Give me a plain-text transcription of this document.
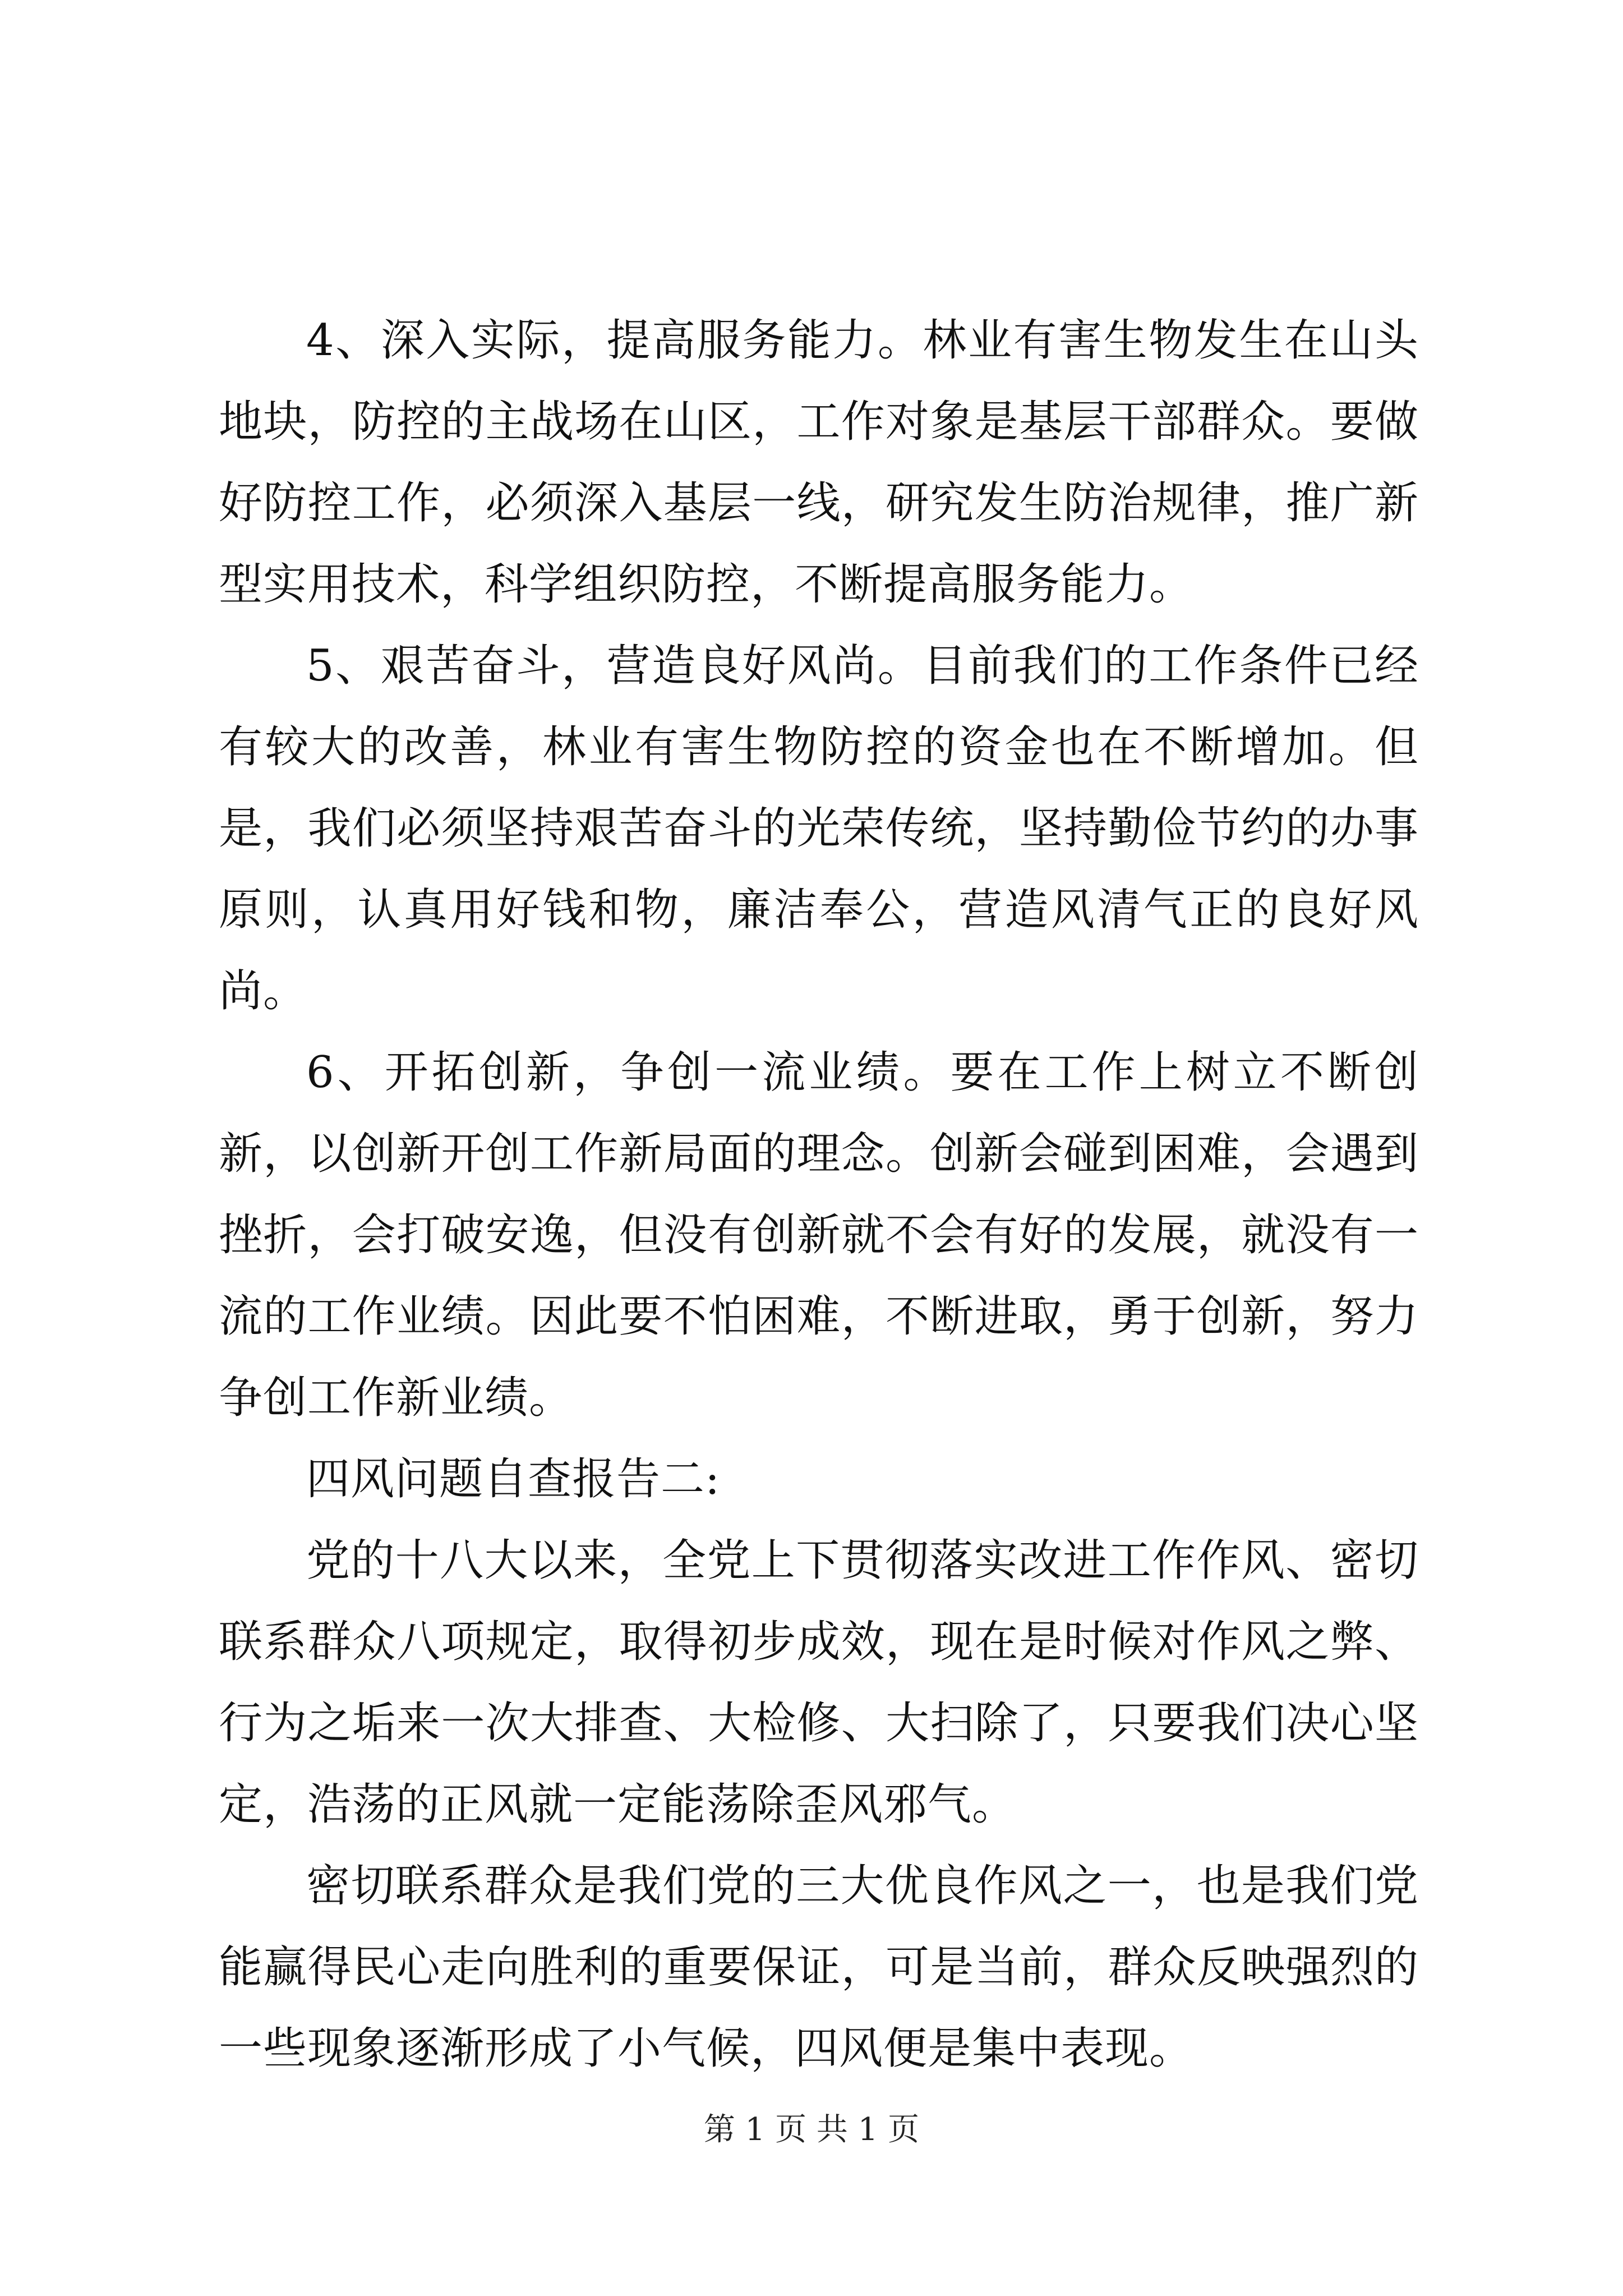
4、深入实际，提高服务能力。林业有害生物发生在山头地块，防控的主战场在山区，工作对象是基层干部群众。要做好防控工作，必须深入基层一线，研究发生防治规律，推广新型实用技术，科学组织防控，不断提高服务能力。

5、艰苦奋斗，营造良好风尚。目前我们的工作条件已经有较大的改善，林业有害生物防控的资金也在不断增加。但是，我们必须坚持艰苦奋斗的光荣传统，坚持勤俭节约的办事原则，认真用好钱和物，廉洁奉公，营造风清气正的良好风尚。

6、开拓创新，争创一流业绩。要在工作上树立不断创新，以创新开创工作新局面的理念。创新会碰到困难，会遇到挫折，会打破安逸，但没有创新就不会有好的发展，就没有一流的工作业绩。因此要不怕困难，不断进取，勇于创新，努力争创工作新业绩。

四风问题自查报告二:

党的十八大以来，全党上下贯彻落实改进工作作风、密切联系群众八项规定，取得初步成效，现在是时候对作风之弊、行为之垢来一次大排查、大检修、大扫除了，只要我们决心坚定，浩荡的正风就一定能荡除歪风邪气。

密切联系群众是我们党的三大优良作风之一，也是我们党能赢得民心走向胜利的重要保证，可是当前，群众反映强烈的一些现象逐渐形成了小气候，四风便是集中表现。

第 1 页 共 1 页
